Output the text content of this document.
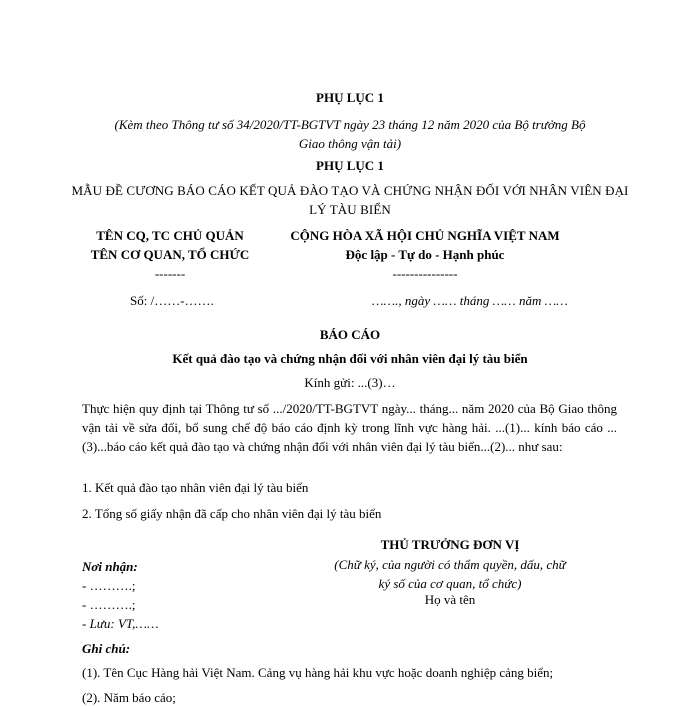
PHỤ LỤC 1
(Kèm theo Thông tư số 34/2020/TT-BGTVT ngày 23 tháng 12 năm 2020 của Bộ trưởng Bộ Giao thông vận tải)
PHỤ LỤC 1
MẪU ĐỀ CƯƠNG BÁO CÁO KẾT QUẢ ĐÀO TẠO VÀ CHỨNG NHẬN ĐỐI VỚI NHÂN VIÊN ĐẠI LÝ TÀU BIỂN
TÊN CQ, TC CHỦ QUẢN
TÊN CƠ QUAN, TỔ CHỨC
-------
CỘNG HÒA XÃ HỘI CHỦ NGHĨA VIỆT NAM
Độc lập - Tự do - Hạnh phúc
---------------
Số: /……-…….	……., ngày …… tháng …… năm ……
BÁO CÁO
Kết quả đào tạo và chứng nhận đối với nhân viên đại lý tàu biển
Kính gửi: ...(3)…
Thực hiện quy định tại Thông tư số .../2020/TT-BGTVT ngày... tháng... năm 2020 của Bộ Giao thông vận tải về sửa đổi, bổ sung chế độ báo cáo định kỳ trong lĩnh vực hàng hải. ...(1)... kính báo cáo ...(3)...báo cáo kết quả đào tạo và chứng nhận đối với nhân viên đại lý tàu biển...(2)... như sau:
1. Kết quả đào tạo nhân viên đại lý tàu biển
2. Tổng số giấy nhận đã cấp cho nhân viên đại lý tàu biển
THỦ TRƯỞNG ĐƠN VỊ
(Chữ ký, của người có thẩm quyền, dấu, chữ ký số của cơ quan, tổ chức)
Họ và tên
Nơi nhận:
- ……….;
- ……….;
- Lưu: VT,……
Ghi chú:
(1). Tên Cục Hàng hải Việt Nam. Cảng vụ hàng hải khu vực hoặc doanh nghiệp cảng biển;
(2). Năm báo cáo;
